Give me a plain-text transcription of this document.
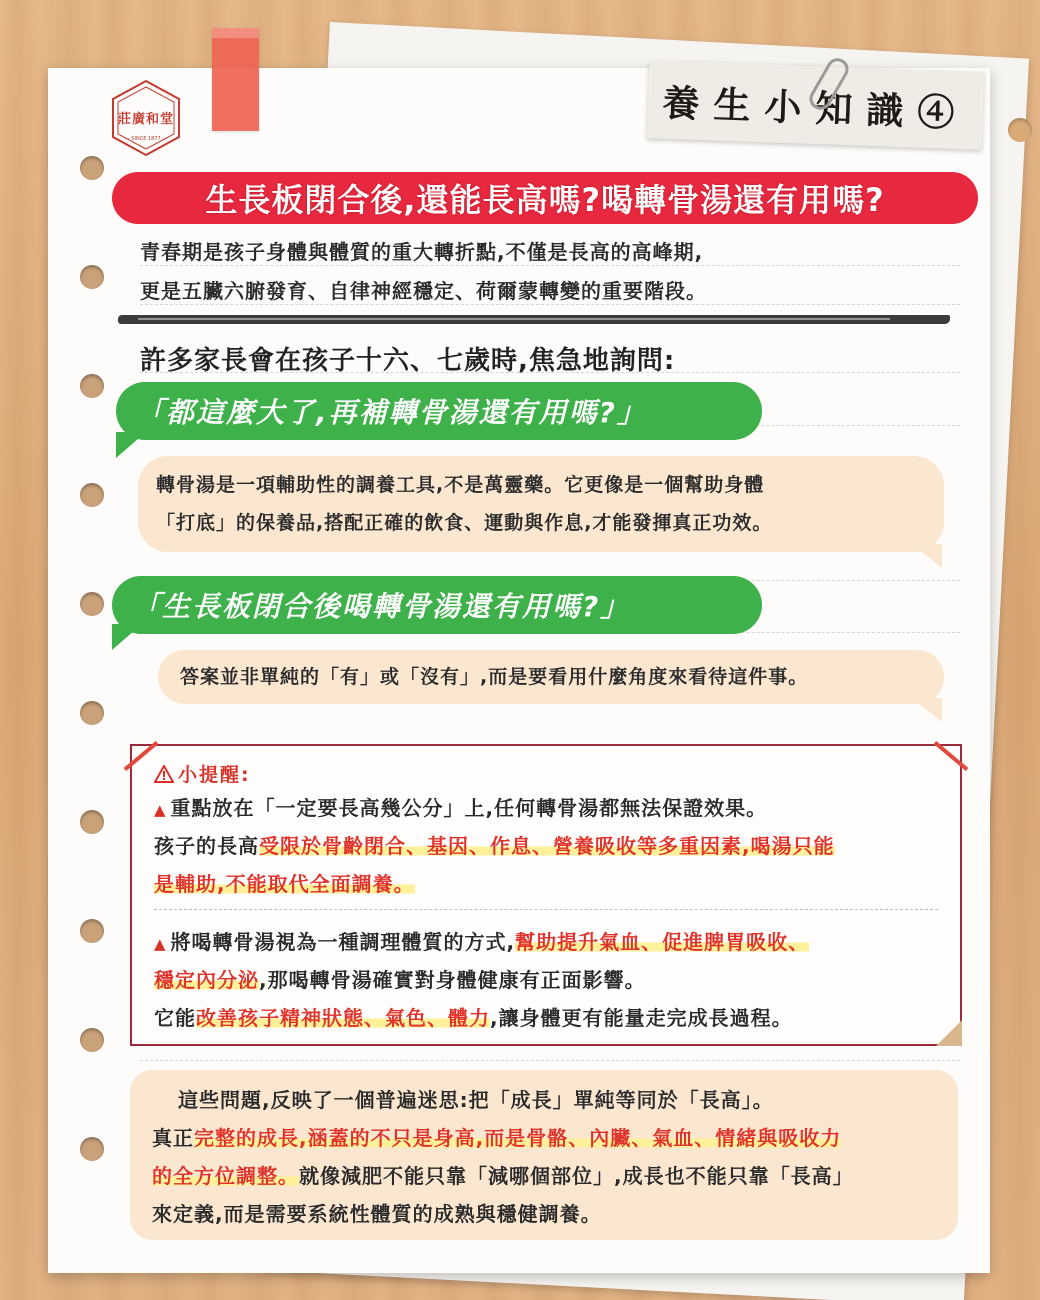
養生小知識④
莊廣和堂
— SINCE 1877 —
生長板閉合後,還能長高嗎?喝轉骨湯還有用嗎?
青春期是孩子身體與體質的重大轉折點,不僅是長高的高峰期,
更是五臟六腑發育、自律神經穩定、荷爾蒙轉變的重要階段。
許多家長會在孩子十六、七歲時,焦急地詢問:
「都這麼大了,再補轉骨湯還有用嗎?」

轉骨湯是一項輔助性的調養工具,不是萬靈藥。它更像是一個幫助身體
「打底」的保養品,搭配正確的飲食、運動與作息,才能發揮真正功效。

「生長板閉合後喝轉骨湯還有用嗎?」

答案並非單純的「有」或「沒有」,而是要看用什麼角度來看待這件事。

小提醒:
▲ 重點放在「一定要長高幾公分」上,任何轉骨湯都無法保證效果。
孩子的長高受限於骨齡閉合、基因、作息、營養吸收等多重因素,喝湯只能
是輔助,不能取代全面調養。
▲ 將喝轉骨湯視為一種調理體質的方式,幫助提升氣血、促進脾胃吸收、
穩定內分泌,那喝轉骨湯確實對身體健康有正面影響。
它能改善孩子精神狀態、氣色、體力,讓身體更有能量走完成長過程。
這些問題,反映了一個普遍迷思:把「成長」單純等同於「長高」。
真正完整的成長,涵蓋的不只是身高,而是骨骼、內臟、氣血、情緒與吸收力
的全方位調整。就像減肥不能只靠「減哪個部位」,成長也不能只靠「長高」
來定義,而是需要系統性體質的成熟與穩健調養。
